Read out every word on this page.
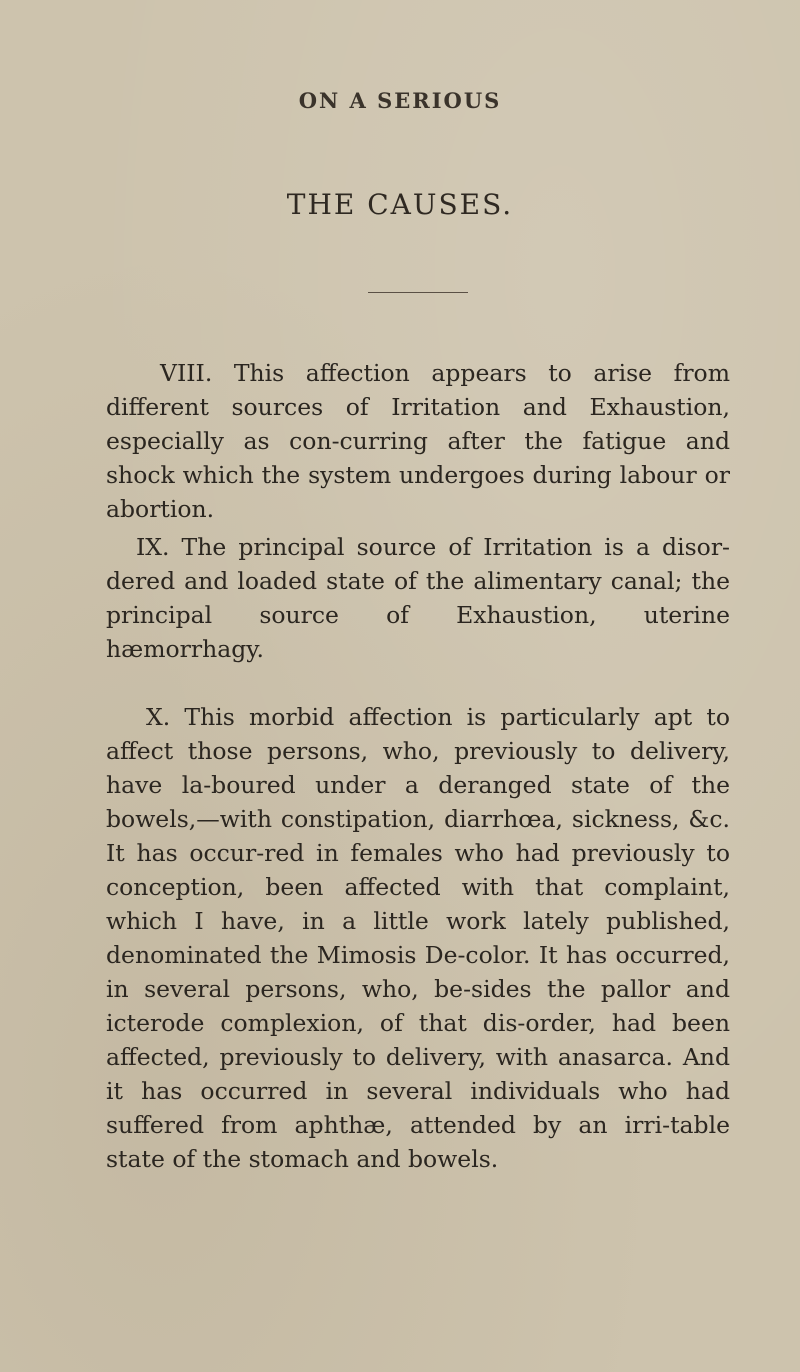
ON A SERIOUS
THE CAUSES.

VIII. This affection appears to arise from different sources of Irritation and Exhaustion, especially as con-curring after the fatigue and shock which the system undergoes during labour or abortion.

IX. The principal source of Irritation is a disor-dered and loaded state of the alimentary canal; the principal source of Exhaustion, uterine hæmorrhagy.

X. This morbid affection is particularly apt to affect those persons, who, previously to delivery, have la-boured under a deranged state of the bowels,—with constipation, diarrhœa, sickness, &c. It has occur-red in females who had previously to conception, been affected with that complaint, which I have, in a little work lately published, denominated the Mimosis De-color. It has occurred, in several persons, who, be-sides the pallor and icterode complexion, of that dis-order, had been affected, previously to delivery, with anasarca. And it has occurred in several individuals who had suffered from aphthæ, attended by an irri-table state of the stomach and bowels.
